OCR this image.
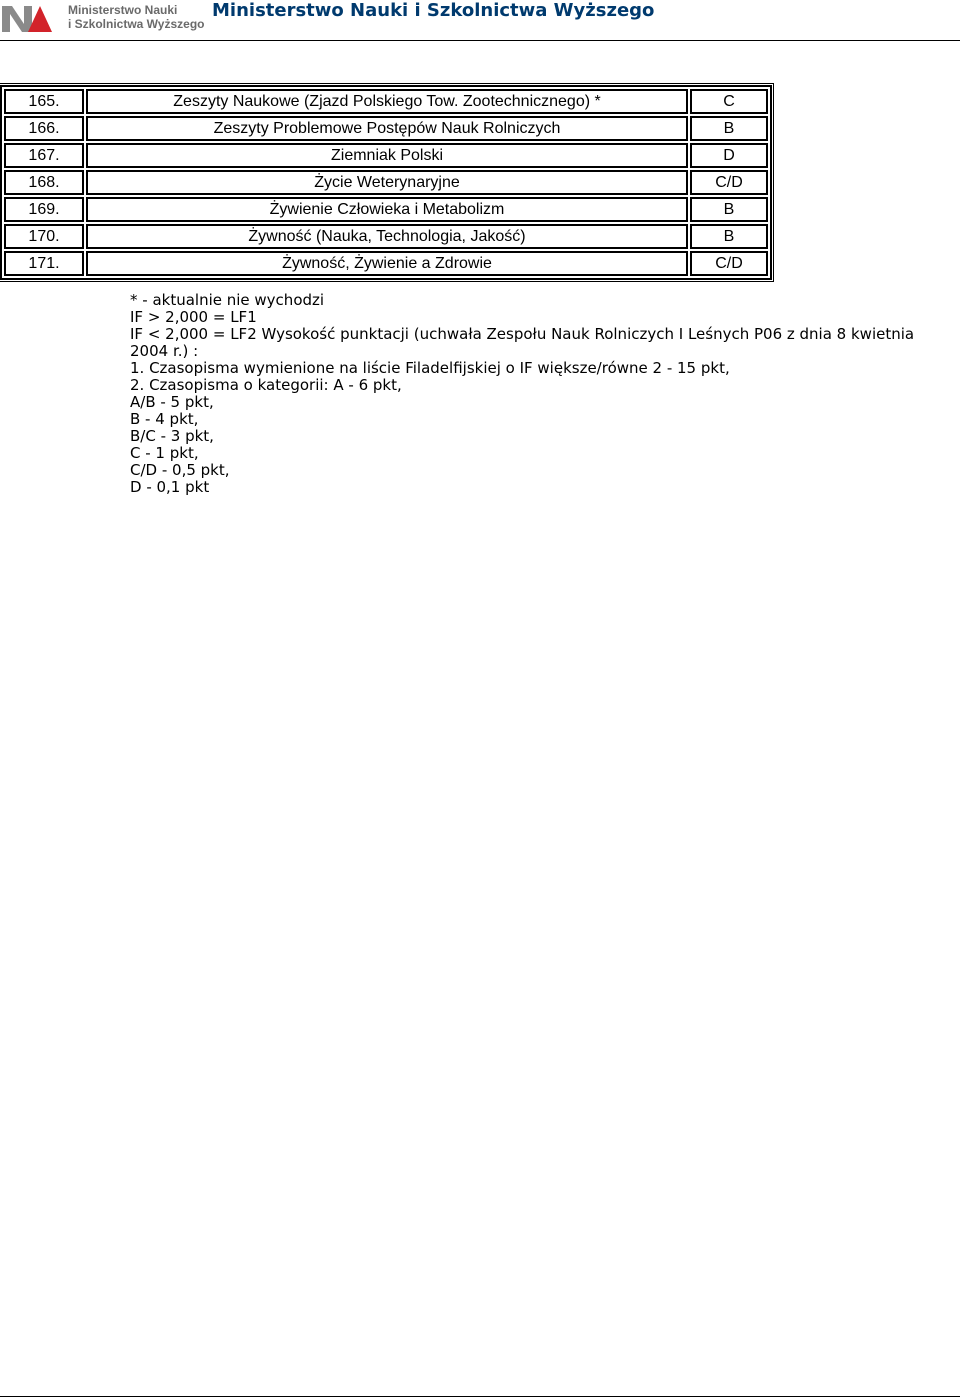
Ministerstwo Nauki
i Szkolnictwa Wyższego
Ministerstwo Nauki i Szkolnictwa Wyższego
165.	Zeszyty Naukowe (Zjazd Polskiego Tow. Zootechnicznego) *	C
166.	Zeszyty Problemowe Postępów Nauk Rolniczych	B
167.	Ziemniak Polski	D
168.	Życie Weterynaryjne	C/D
169.	Żywienie Człowieka i Metabolizm	B
170.	Żywność (Nauka, Technologia, Jakość)	B
171.	Żywność, Żywienie a Zdrowie	C/D
* - aktualnie nie wychodzi
IF > 2,000 = LF1
IF < 2,000 = LF2 Wysokość punktacji (uchwała Zespołu Nauk Rolniczych I Leśnych P06 z dnia 8 kwietnia 2004 r.) :
1. Czasopisma wymienione na liście Filadelfijskiej o IF większe/równe 2 - 15 pkt,
2. Czasopisma o kategorii: A - 6 pkt,
A/B - 5 pkt,
B - 4 pkt,
B/C - 3 pkt,
C - 1 pkt,
C/D - 0,5 pkt,
D - 0,1 pkt
